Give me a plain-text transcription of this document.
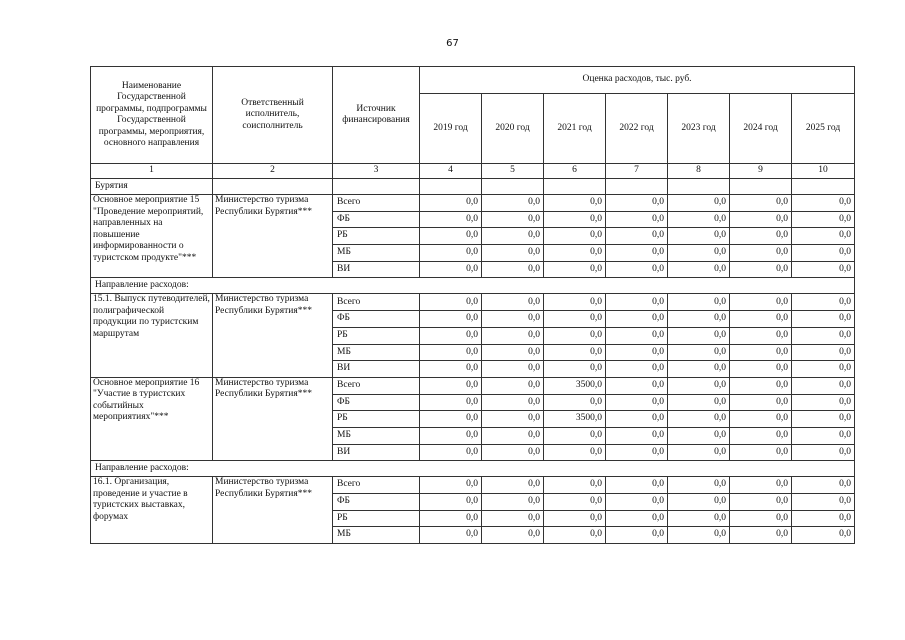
67
Наименование Государственной программы, подпрограммы Государственной программы, мероприятия, основного направления	Ответственный исполнитель, соисполнитель	Источник финансирования	Оценка расходов, тыс. руб.						
			2019 год	2020 год	2021 год	2022 год	2023 год	2024 год	2025 год
1	2	3	4	5	6	7	8	9	10
Бурятия									
Основное мероприятие 15 "Проведение мероприятий, направленных на повышение информированности о туристском продукте"***	Министерство туризма Республики Бурятия***	Всего	0,0	0,0	0,0	0,0	0,0	0,0	0,0
		ФБ	0,0	0,0	0,0	0,0	0,0	0,0	0,0
		РБ	0,0	0,0	0,0	0,0	0,0	0,0	0,0
		МБ	0,0	0,0	0,0	0,0	0,0	0,0	0,0
		ВИ	0,0	0,0	0,0	0,0	0,0	0,0	0,0
Направление расходов:									
15.1. Выпуск путеводителей, полиграфической продукции по туристским маршрутам	Министерство туризма Республики Бурятия***	Всего	0,0	0,0	0,0	0,0	0,0	0,0	0,0
		ФБ	0,0	0,0	0,0	0,0	0,0	0,0	0,0
		РБ	0,0	0,0	0,0	0,0	0,0	0,0	0,0
		МБ	0,0	0,0	0,0	0,0	0,0	0,0	0,0
		ВИ	0,0	0,0	0,0	0,0	0,0	0,0	0,0
Основное мероприятие 16 "Участие в туристских событийных мероприятиях"***	Министерство туризма Республики Бурятия***	Всего	0,0	0,0	3500,0	0,0	0,0	0,0	0,0
		ФБ	0,0	0,0	0,0	0,0	0,0	0,0	0,0
		РБ	0,0	0,0	3500,0	0,0	0,0	0,0	0,0
		МБ	0,0	0,0	0,0	0,0	0,0	0,0	0,0
		ВИ	0,0	0,0	0,0	0,0	0,0	0,0	0,0
Направление расходов:									
16.1. Организация, проведение и участие в туристских выставках, форумах	Министерство туризма Республики Бурятия***	Всего	0,0	0,0	0,0	0,0	0,0	0,0	0,0
		ФБ	0,0	0,0	0,0	0,0	0,0	0,0	0,0
		РБ	0,0	0,0	0,0	0,0	0,0	0,0	0,0
		МБ	0,0	0,0	0,0	0,0	0,0	0,0	0,0
